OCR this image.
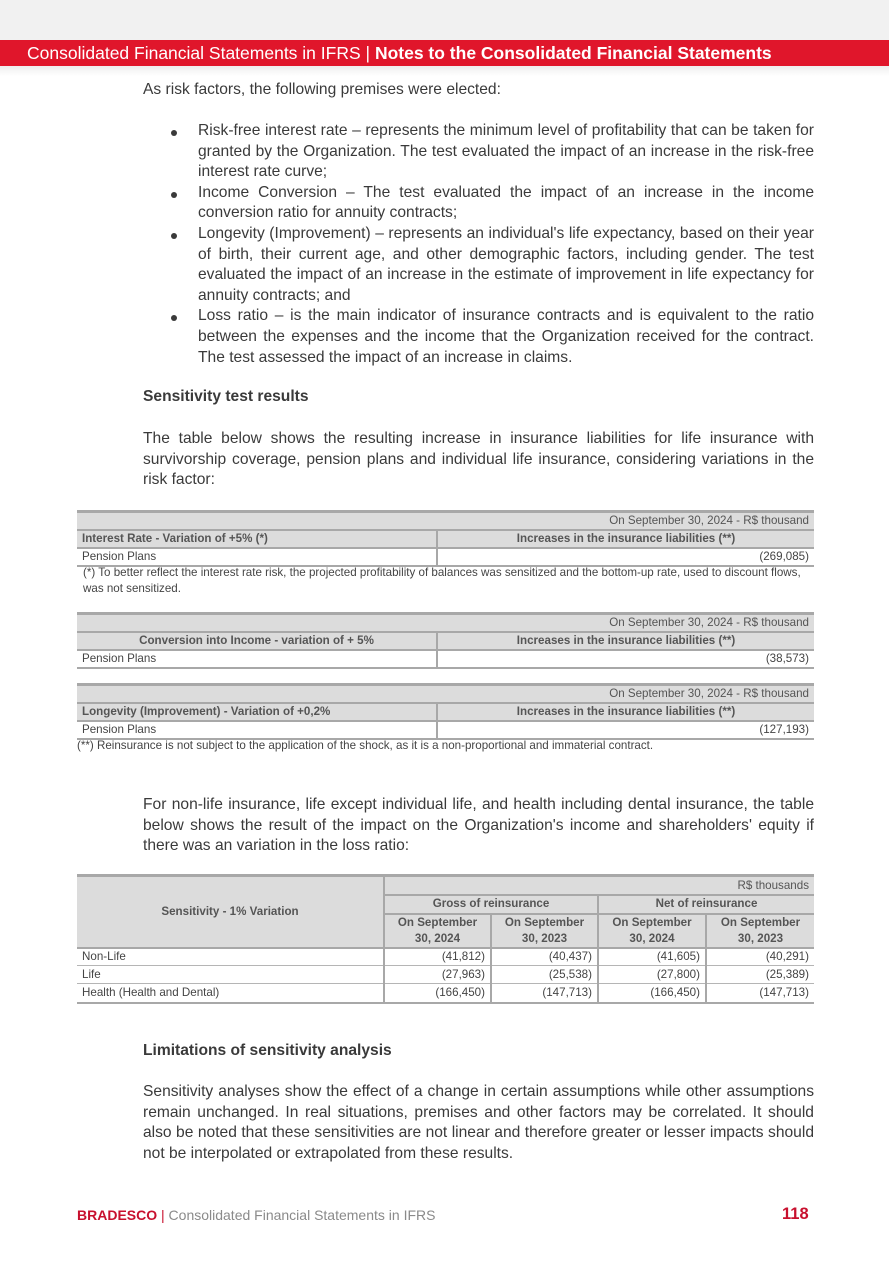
Consolidated Financial Statements in IFRS | Notes to the Consolidated Financial Statements

As risk factors, the following premises were elected:

Risk-free interest rate – represents the minimum level of profitability that can be taken for granted by the Organization. The test evaluated the impact of an increase in the risk-free interest rate curve;
Income Conversion – The test evaluated the impact of an increase in the income conversion ratio for annuity contracts;
Longevity (Improvement) – represents an individual's life expectancy, based on their year of birth, their current age, and other demographic factors, including gender. The test evaluated the impact of an increase in the estimate of improvement in life expectancy for annuity contracts; and
Loss ratio – is the main indicator of insurance contracts and is equivalent to the ratio between the expenses and the income that the Organization received for the contract. The test assessed the impact of an increase in claims.
Sensitivity test results

The table below shows the resulting increase in insurance liabilities for life insurance with survivorship coverage, pension plans and individual life insurance, considering variations in the risk factor:

On September 30, 2024 - R$ thousand	
Interest Rate - Variation of +5% (*)	Increases in the insurance liabilities (**)
Pension Plans	(269,085)

(*) To better reflect the interest rate risk, the projected profitability of balances was sensitized and the bottom-up rate, used to discount flows, was not sensitized.

On September 30, 2024 - R$ thousand	
Conversion into Income - variation of + 5%	Increases in the insurance liabilities (**)
Pension Plans	(38,573)
On September 30, 2024 - R$ thousand	
Longevity (Improvement) - Variation of +0,2%	Increases in the insurance liabilities (**)
Pension Plans	(127,193)

(**) Reinsurance is not subject to the application of the shock, as it is a non-proportional and immaterial contract.

For non-life insurance, life except individual life, and health including dental insurance, the table below shows the result of the impact on the Organization's income and shareholders' equity if there was an variation in the loss ratio:

Sensitivity - 1% Variation	R$ thousands			
	Gross of reinsurance		Net of reinsurance	
	On September 30, 2024	On September 30, 2023	On September 30, 2024	On September 30, 2023
Non-Life	(41,812)	(40,437)	(41,605)	(40,291)
Life	(27,963)	(25,538)	(27,800)	(25,389)
Health (Health and Dental)	(166,450)	(147,713)	(166,450)	(147,713)
Limitations of sensitivity analysis

Sensitivity analyses show the effect of a change in certain assumptions while other assumptions remain unchanged. In real situations, premises and other factors may be correlated. It should also be noted that these sensitivities are not linear and therefore greater or lesser impacts should not be interpolated or extrapolated from these results.

BRADESCO | Consolidated Financial Statements in IFRS	118
